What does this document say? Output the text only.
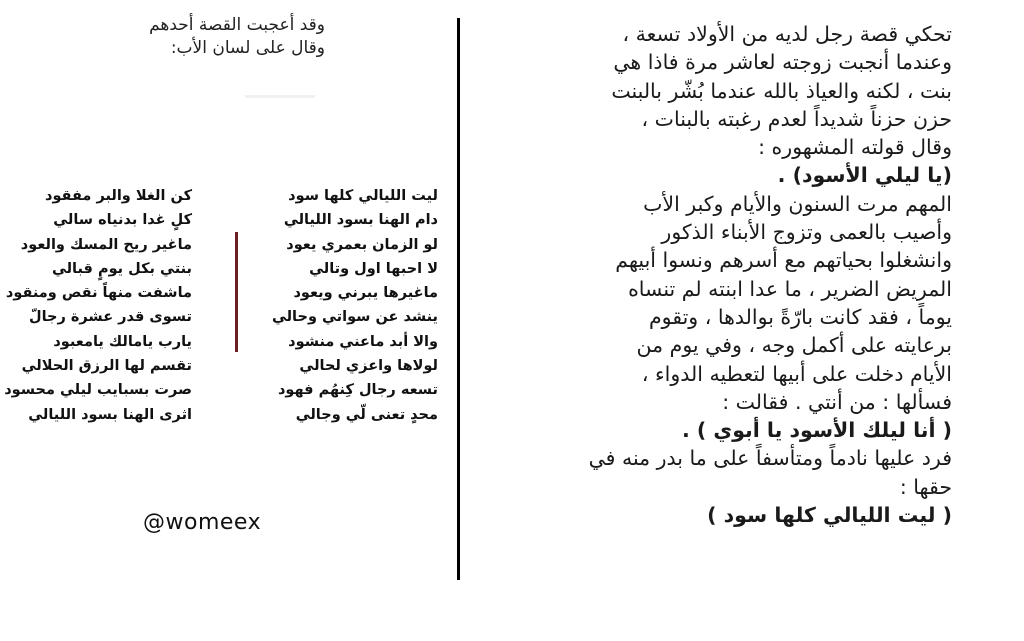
تحكي قصة رجل لديه من الأولاد تسعة ،
وعندما أنجبت زوجته لعاشر مرة فاذا هي
بنت ، لكنه والعياذ بالله عندما بُشّر بالبنت
حزن حزناً شديداً لعدم رغبته بالبنات ،
وقال قولته المشهوره :
(يا ليلي الأسود) .
المهم مرت السنون والأيام وكبر الأب
وأصيب بالعمى وتزوج الأبناء الذكور
وانشغلوا بحياتهم مع أسرهم ونسوا أبيهم
المريض الضرير ، ما عدا ابنته لم تنساه
يوماً ، فقد كانت بارّةً بوالدها ، وتقوم
برعايته على أكمل وجه ، وفي يوم من
الأيام دخلت على أبيها لتعطيه الدواء ،
فسألها : من أنتي . فقالت :
( أنا ليلك الأسود يا أبوي ) .
فرد عليها نادماً ومتأسفاً على ما بدر منه في
حقها :
( ليت الليالي كلها سود )
وقد أعجبت القصة أحدهم
وقال على لسان الأب:
ليت الليالي كلها سود
دام الهنا بسود الليالي
لو الزمان بعمري يعود
لا احبها اول وتالي
ماغيرها يبرني ويعود
ينشد عن سواتي وحالي
والا أبد ماعني منشود
لولاها واعزي لحالي
تسعه رجال كِنهُم فهود
محدٍ تعنى لّي وجالي
كن الغلا والبر مفقود
كلٍ غدا بدنياه سالي
ماغير ريح المسك والعود
بنتي بكل يومٍ قبالي
ماشفت منهاً نقص ومنقود
تسوى قدر عشرة رجالّ
يارب يامالك يامعبود
تقسم لها الرزق الحلالي
صرت بسبايب ليلي محسود
اثرى الهنا بسود الليالي
@womeex
